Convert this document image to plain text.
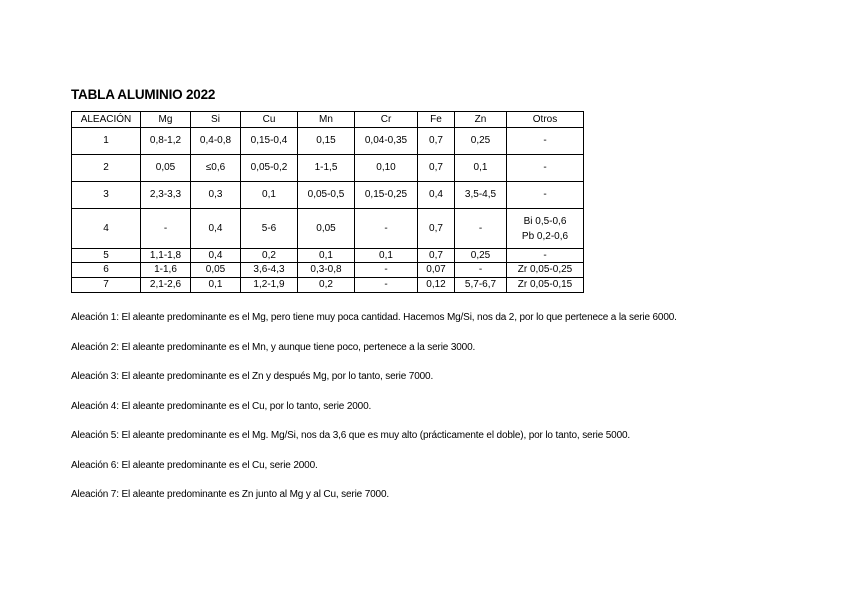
TABLA ALUMINIO 2022
ALEACIÓN	Mg	Si	Cu	Mn	Cr	Fe	Zn	Otros
1	0,8-1,2	0,4-0,8	0,15-0,4	0,15	0,04-0,35	0,7	0,25	-
2	0,05	≤0,6	0,05-0,2	1-1,5	0,10	0,7	0,1	-
3	2,3-3,3	0,3	0,1	0,05-0,5	0,15-0,25	0,4	3,5-4,5	-
4	-	0,4	5-6	0,05	-	0,7	-	Bi 0,5-0,6
Pb 0,2-0,6
5	1,1-1,8	0,4	0,2	0,1	0,1	0,7	0,25	-
6	1-1,6	0,05	3,6-4,3	0,3-0,8	-	0,07	-	Zr 0,05-0,25
7	2,1-2,6	0,1	1,2-1,9	0,2	-	0,12	5,7-6,7	Zr 0,05-0,15
Aleación 1: El aleante predominante es el Mg, pero tiene muy poca cantidad. Hacemos Mg/Si, nos da 2, por lo que pertenece a la serie 6000.
Aleación 2: El aleante predominante es el Mn, y aunque tiene poco, pertenece a la serie 3000.
Aleación 3: El aleante predominante es el Zn y después Mg, por lo tanto, serie 7000.
Aleación 4: El aleante predominante es el Cu, por lo tanto, serie 2000.
Aleación 5: El aleante predominante es el Mg. Mg/Si, nos da 3,6 que es muy alto (prácticamente el doble), por lo tanto, serie 5000.
Aleación 6: El aleante predominante es el Cu, serie 2000.
Aleación 7: El aleante predominante es Zn junto al Mg y al Cu, serie 7000.
